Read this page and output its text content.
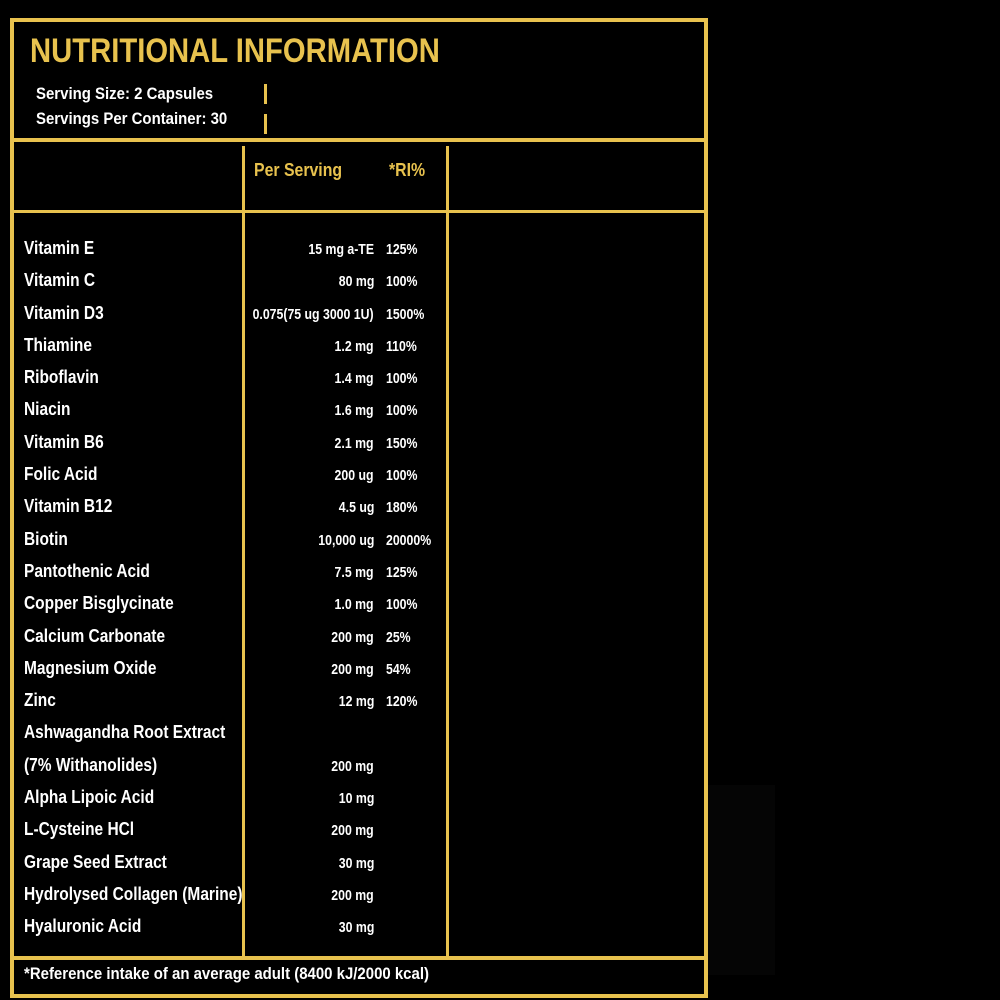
NUTRITIONAL INFORMATION
Serving Size: 2 Capsules
Servings Per Container: 30
Per Serving	*RI%
Vitamin E	15 mg a-TE 125%
Vitamin C	80 mg 100%
Vitamin D3	0.075(75 ug 3000 1U) 1500%
Thiamine	1.2 mg 110%
Riboflavin	1.4 mg 100%
Niacin	1.6 mg 100%
Vitamin B6	2.1 mg 150%
Folic Acid	200 ug 100%
Vitamin B12	4.5 ug 180%
Biotin	10,000 ug 20000%
Pantothenic Acid	7.5 mg 125%
Copper Bisglycinate	1.0 mg 100%
Calcium Carbonate	200 mg 25%
Magnesium Oxide	200 mg 54%
Zinc	12 mg 120%
Ashwagandha Root Extract
(7% Withanolides)	200 mg
Alpha Lipoic Acid	10 mg
L-Cysteine HCl	200 mg
Grape Seed Extract	30 mg
Hydrolysed Collagen (Marine)	200 mg
Hyaluronic Acid	30 mg
*Reference intake of an average adult (8400 kJ/2000 kcal)
